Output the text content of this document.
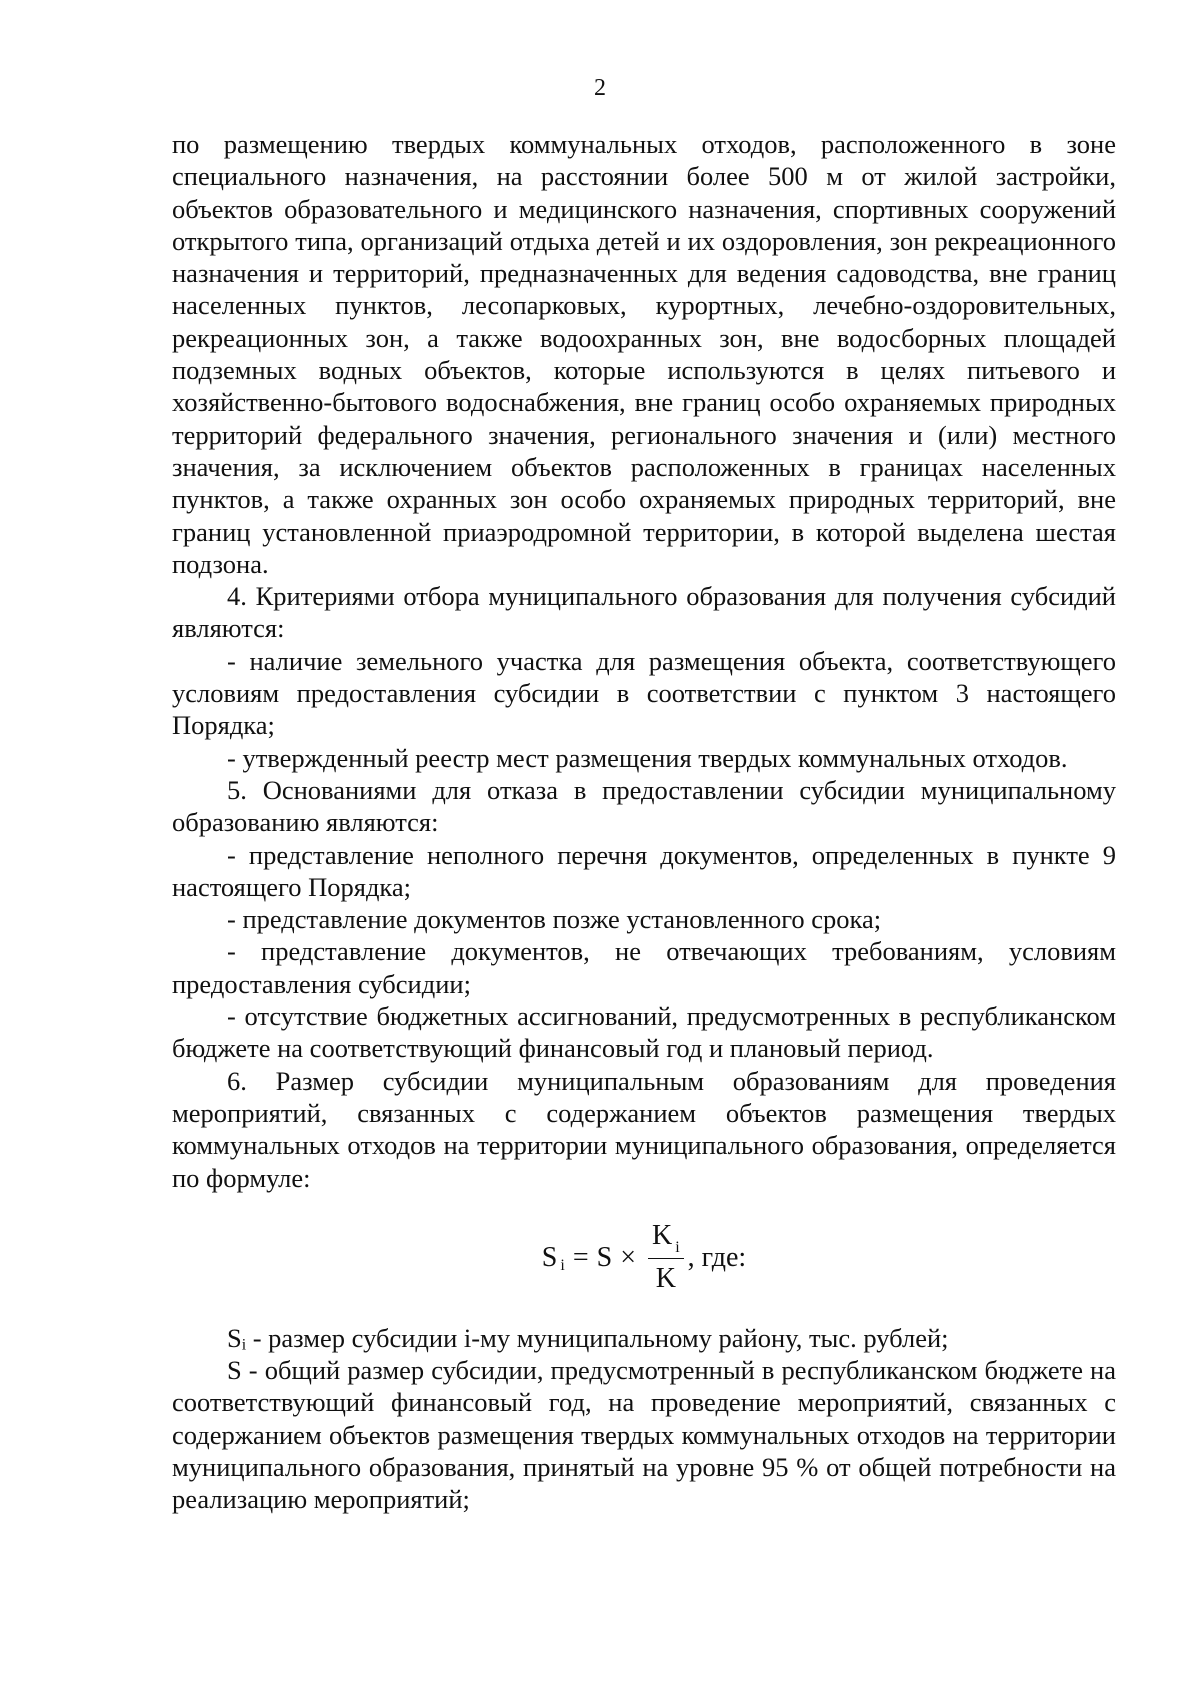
2

по размещению твердых коммунальных отходов, расположенного в зоне специального назначения, на расстоянии более 500 м от жилой застройки, объектов образовательного и медицинского назначения, спортивных сооружений открытого типа, организаций отдыха детей и их оздоровления, зон рекреационного назначения и территорий, предназначенных для ведения садоводства, вне границ населенных пунктов, лесопарковых, курортных, лечебно-оздоровительных, рекреационных зон, а также водоохранных зон, вне водосборных площадей подземных водных объектов, которые используются в целях питьевого и хозяйственно-бытового водоснабжения, вне границ особо охраняемых природных территорий федерального значения, регионального значения и (или) местного значения, за исключением объектов расположенных в границах населенных пунктов, а также охранных зон особо охраняемых природных территорий, вне границ установленной приаэродромной территории, в которой выделена шестая подзона.

4. Критериями отбора муниципального образования для получения субсидий являются:

- наличие земельного участка для размещения объекта, соответствующего условиям предоставления субсидии в соответствии с пунктом 3 настоящего Порядка;

- утвержденный реестр мест размещения твердых коммунальных отходов.

5. Основаниями для отказа в предоставлении субсидии муниципальному образованию являются:

- представление неполного перечня документов, определенных в пункте 9 настоящего Порядка;

- представление документов позже установленного срока;

- представление документов, не отвечающих требованиям, условиям предоставления субсидии;

- отсутствие бюджетных ассигнований, предусмотренных в республиканском бюджете на соответствующий финансовый год и плановый период.

6. Размер субсидии муниципальным образованиям для проведения мероприятий, связанных с содержанием объектов размещения твердых коммунальных отходов на территории муниципального образования, определяется по формуле:

S $i = S \times \frac{K _i}{K}$ , где:

Sᵢ - размер субсидии i-му муниципальному району, тыс. рублей;

S - общий размер субсидии, предусмотренный в республиканском бюджете на соответствующий финансовый год, на проведение мероприятий, связанных с содержанием объектов размещения твердых коммунальных отходов на территории муниципального образования, принятый на уровне 95 % от общей потребности на реализацию мероприятий;
